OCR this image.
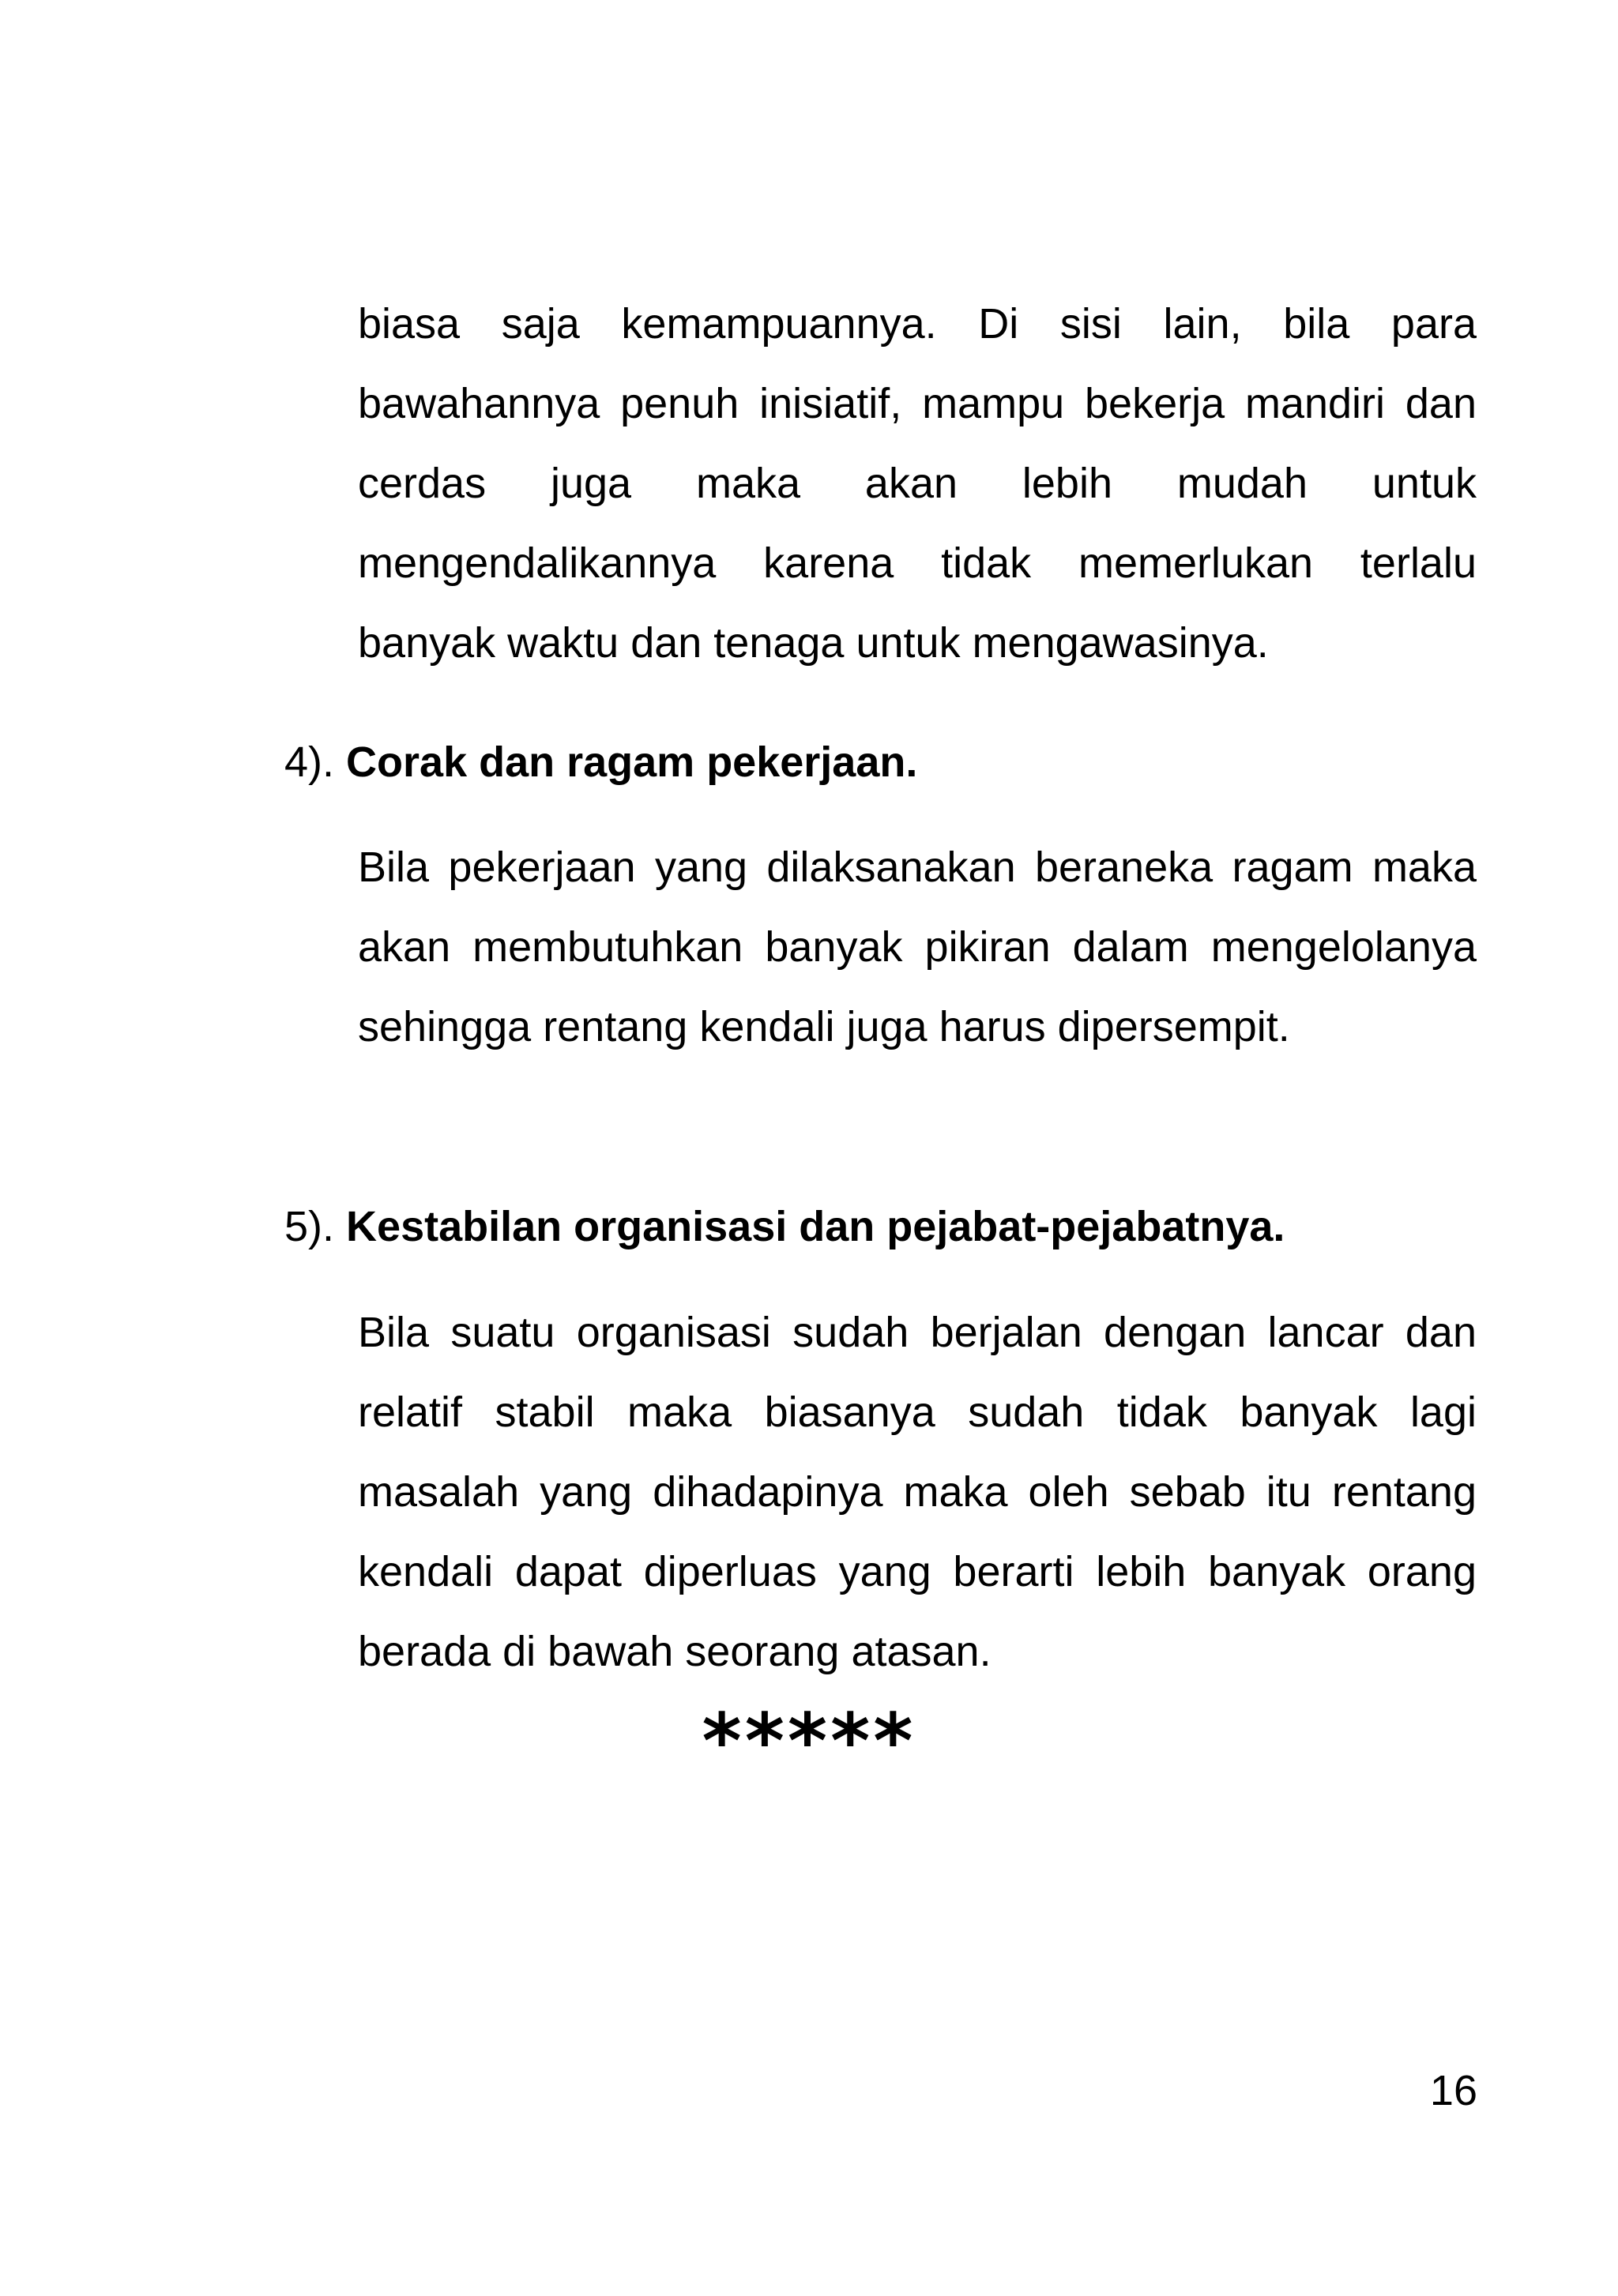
biasa saja kemampuannya. Di sisi lain, bila para bawahannya penuh inisiatif, mampu bekerja mandiri dan cerdas juga maka akan lebih mudah untuk mengendalikannya karena tidak memerlukan terlalu banyak waktu dan tenaga untuk mengawasinya.

4). Corak dan ragam pekerjaan.

Bila pekerjaan yang dilaksanakan beraneka ragam maka akan membutuhkan banyak pikiran dalam mengelolanya sehingga rentang kendali juga harus dipersempit.

5). Kestabilan organisasi dan pejabat-pejabatnya.

Bila suatu organisasi sudah berjalan dengan lancar dan relatif stabil maka biasanya sudah tidak banyak lagi masalah yang dihadapinya maka oleh sebab itu rentang kendali dapat diperluas yang berarti lebih banyak orang berada di bawah seorang atasan.

*****
16
